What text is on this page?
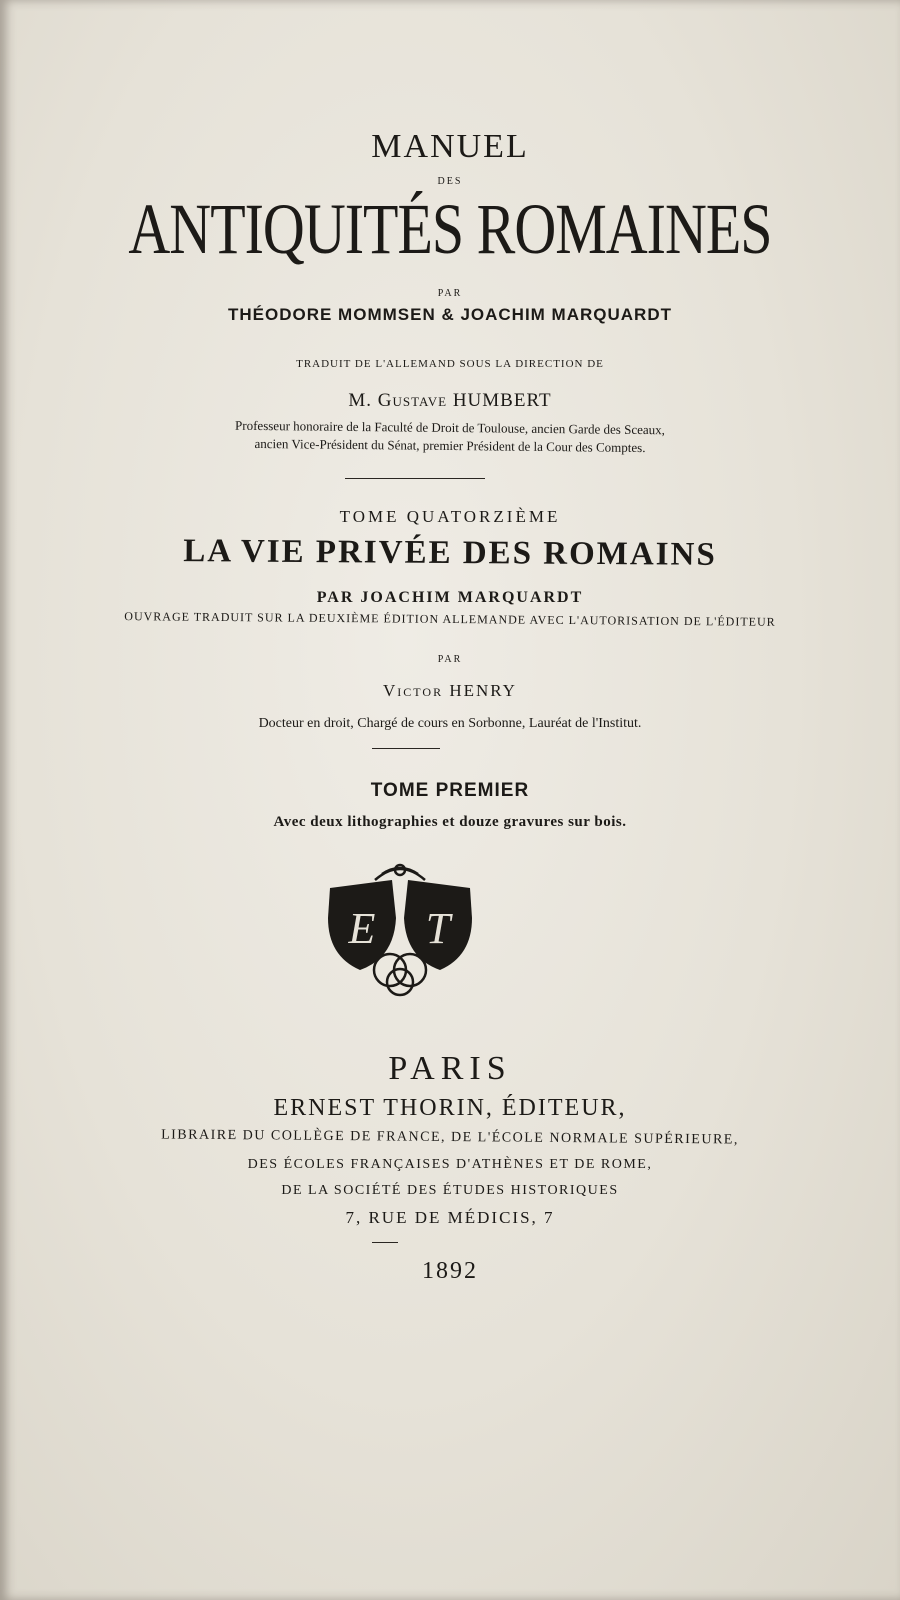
MANUEL
DES
ANTIQUITÉS ROMAINES
PAR
THÉODORE MOMMSEN & JOACHIM MARQUARDT
TRADUIT DE L'ALLEMAND SOUS LA DIRECTION DE
M. Gustave HUMBERT
Professeur honoraire de la Faculté de Droit de Toulouse, ancien Garde des Sceaux,
ancien Vice-Président du Sénat, premier Président de la Cour des Comptes.
TOME QUATORZIÈME
LA VIE PRIVÉE DES ROMAINS
PAR JOACHIM MARQUARDT
OUVRAGE TRADUIT SUR LA DEUXIÈME ÉDITION ALLEMANDE AVEC L'AUTORISATION DE L'ÉDITEUR
PAR
Victor HENRY
Docteur en droit, Chargé de cours en Sorbonne, Lauréat de l'Institut.
TOME PREMIER
Avec deux lithographies et douze gravures sur bois.
E T
PARIS
ERNEST THORIN, ÉDITEUR,
LIBRAIRE DU COLLÈGE DE FRANCE, DE L'ÉCOLE NORMALE SUPÉRIEURE,
DES ÉCOLES FRANÇAISES D'ATHÈNES ET DE ROME,
DE LA SOCIÉTÉ DES ÉTUDES HISTORIQUES
7, RUE DE MÉDICIS, 7
1892
